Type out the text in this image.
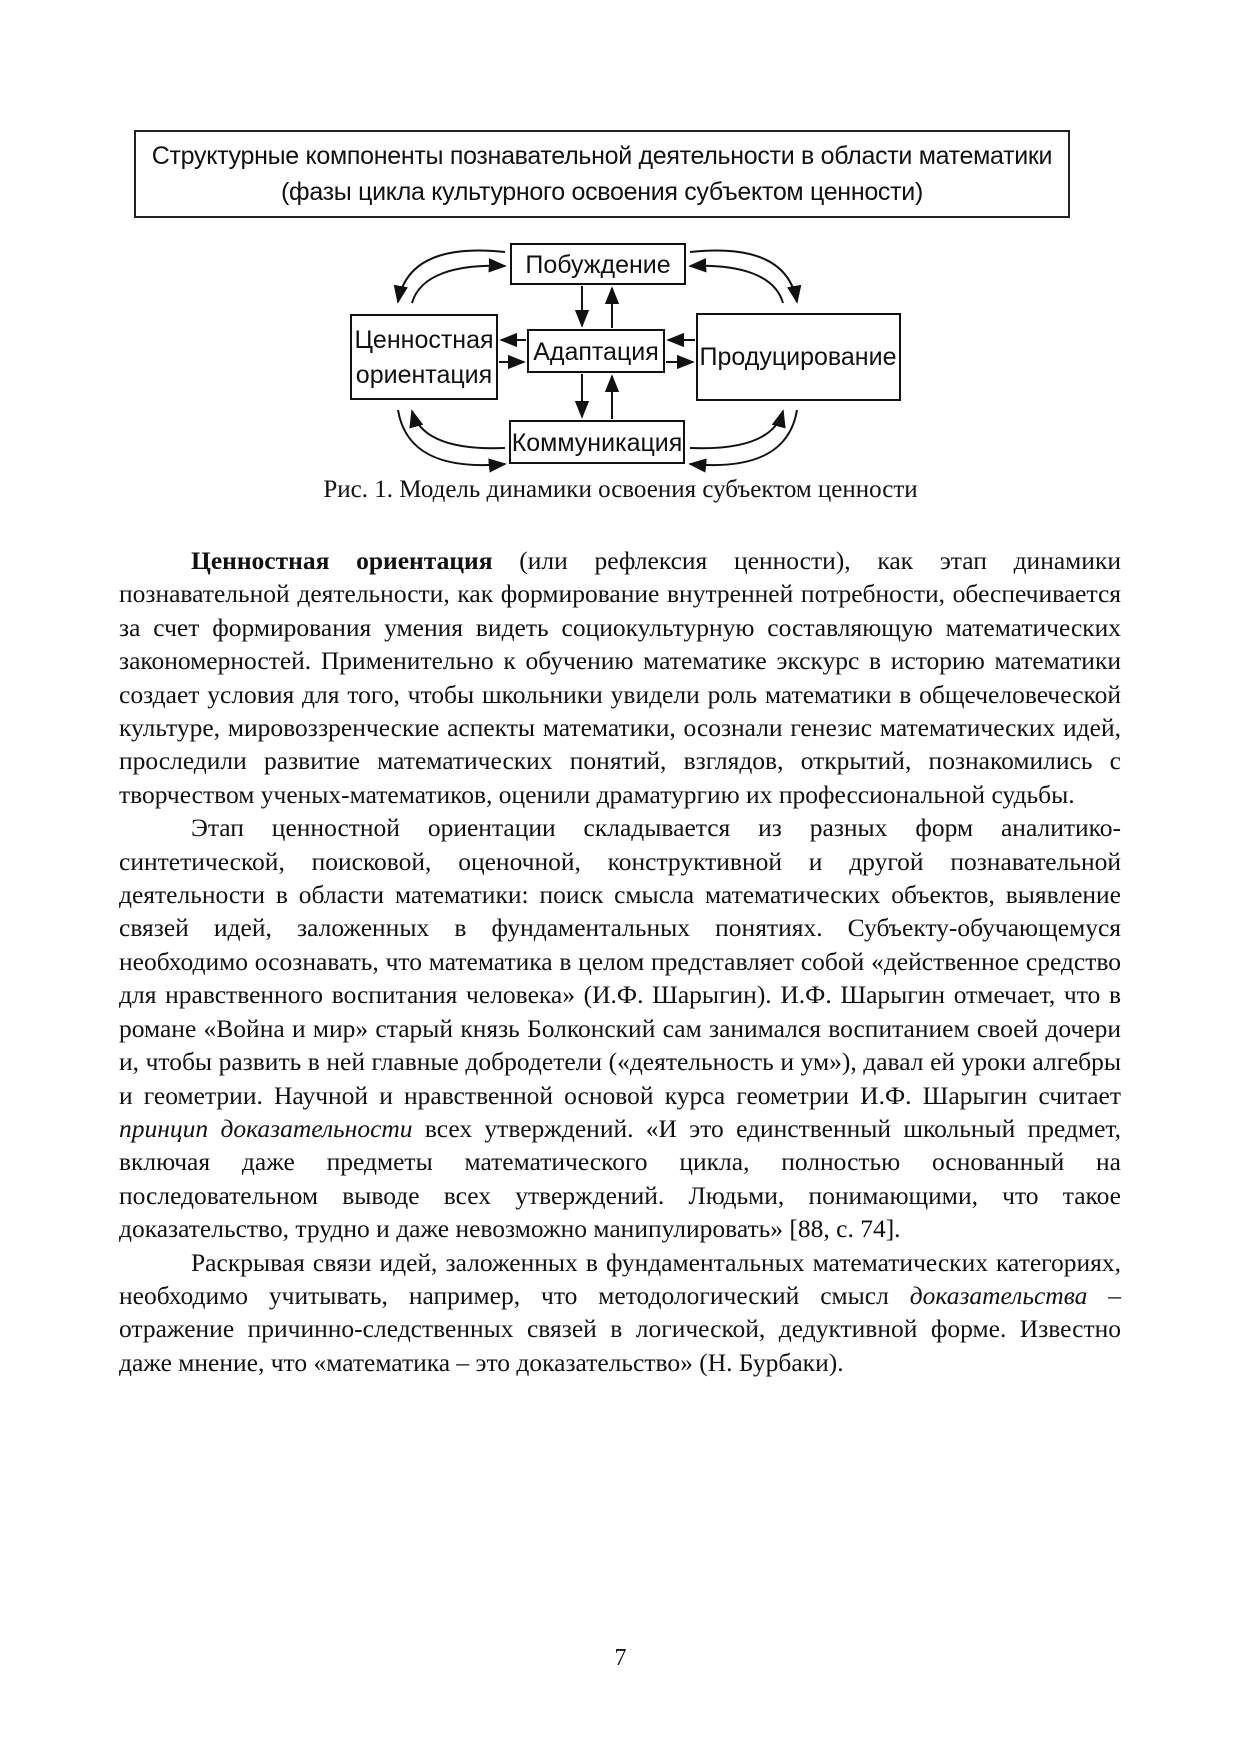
Структурные компоненты познавательной деятельности в области математики
(фазы цикла культурного освоения субъектом ценности)
Побуждение
Ценностная
ориентация
Адаптация Продуцирование
Коммуникация
Рис. 1. Модель динамики освоения субъектом ценности

Ценностная ориентация (или рефлексия ценности), как этап динамики познавательной деятельности, как формирование внутренней потребности, обеспечивается за счет формирования умения видеть социокультурную составляющую математических закономерностей. Применительно к обучению математике экскурс в историю математики создает условия для того, чтобы школьники увидели роль математики в общечеловеческой культуре, мировоззренческие аспекты математики, осознали генезис математических идей, проследили развитие математических понятий, взглядов, открытий, познакомились с творчеством ученых-математиков, оценили драматургию их профессиональной судьбы.

Этап ценностной ориентации складывается из разных форм аналитико-синтетической, поисковой, оценочной, конструктивной и другой познавательной деятельности в области математики: поиск смысла математических объектов, выявление связей идей, заложенных в фундаментальных понятиях. Субъекту-обучающемуся необходимо осознавать, что математика в целом представляет собой «действенное средство для нравственного воспитания человека» (И.Ф. Шарыгин). И.Ф. Шарыгин отмечает, что в романе «Война и мир» старый князь Болконский сам занимался воспитанием своей дочери и, чтобы развить в ней главные добродетели («деятельность и ум»), давал ей уроки алгебры и геометрии. Научной и нравственной основой курса геометрии И.Ф. Шарыгин считает принцип доказательности всех утверждений. «И это единственный школьный предмет, включая даже предметы математического цикла, полностью основанный на последовательном выводе всех утверждений. Людьми, понимающими, что такое доказательство, трудно и даже невозможно манипулировать» [88, с. 74].

Раскрывая связи идей, заложенных в фундаментальных математических категориях, необходимо учитывать, например, что методологический смысл доказательства – отражение причинно-следственных связей в логической, дедуктивной форме. Известно даже мнение, что «математика – это доказательство» (Н. Бурбаки).

7
